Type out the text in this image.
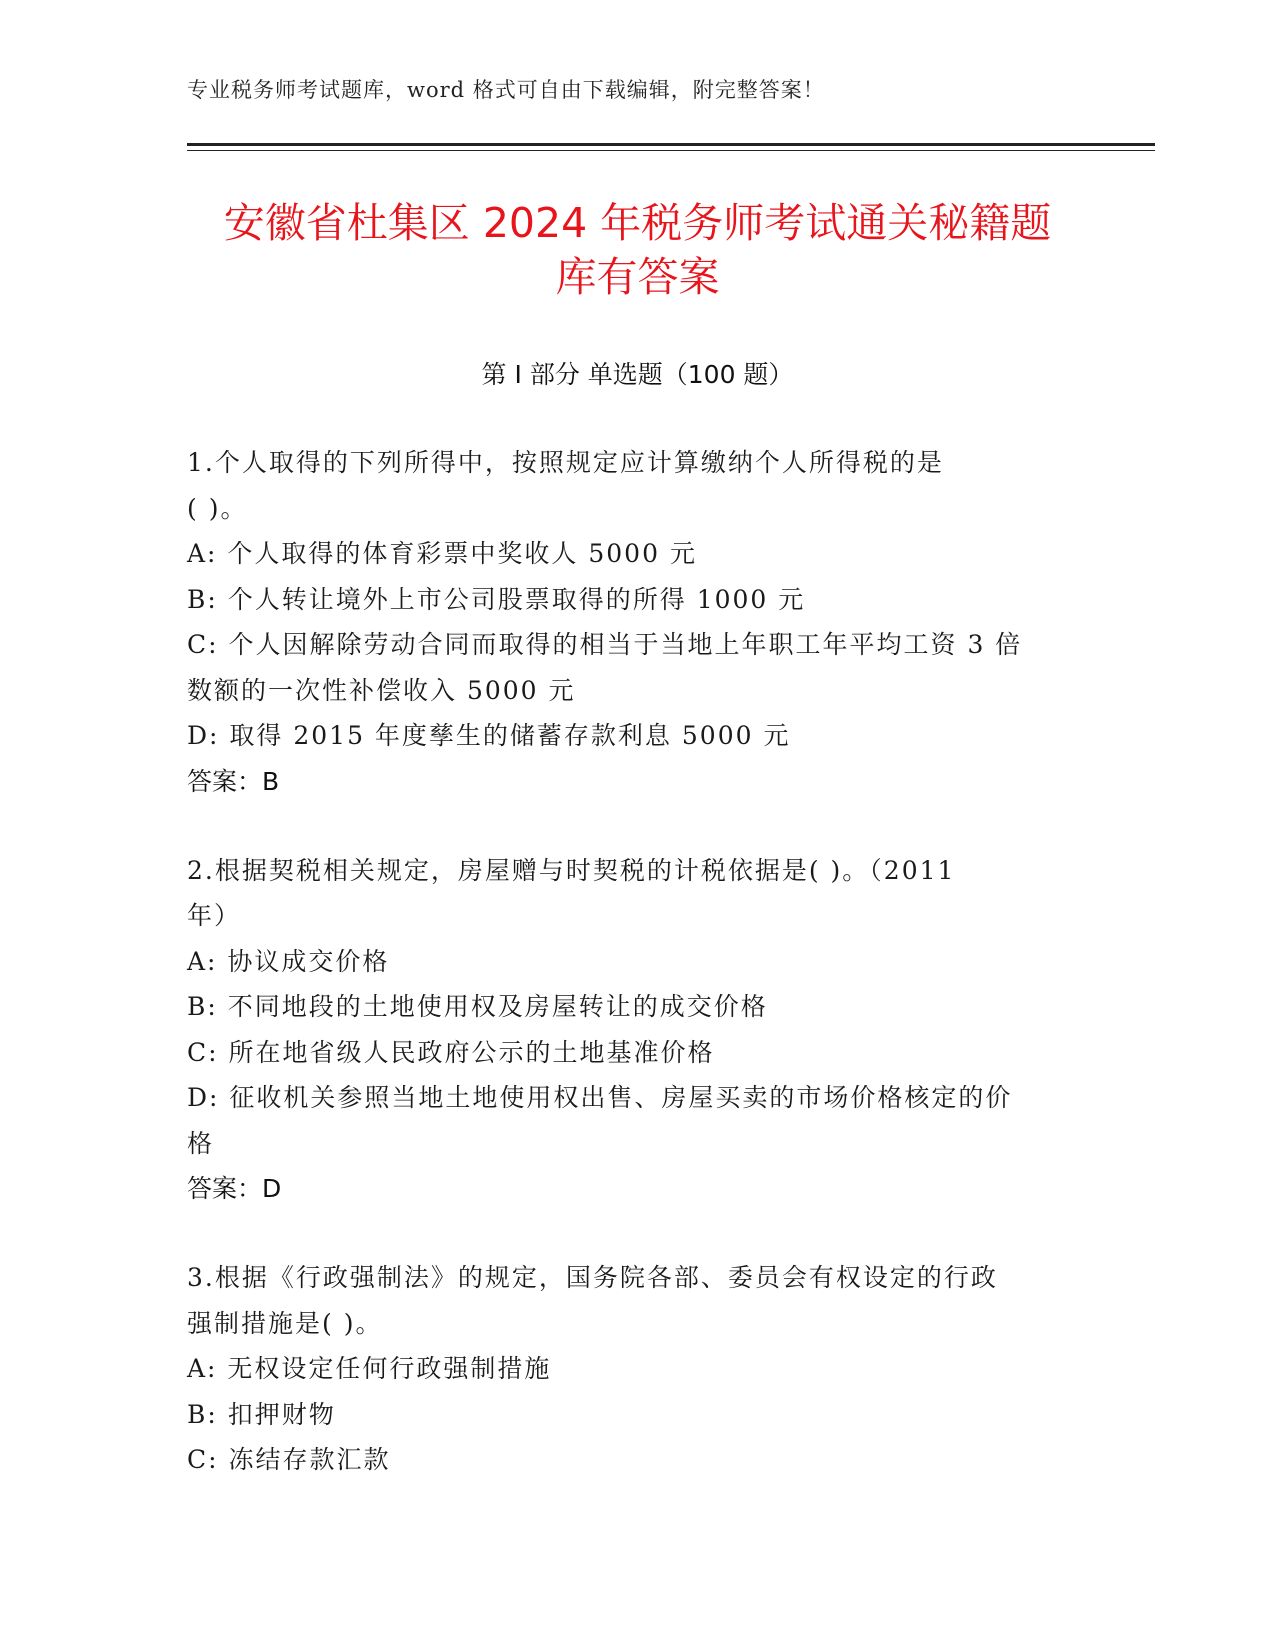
专业税务师考试题库，word 格式可自由下载编辑，附完整答案！
安徽省杜集区 2024 年税务师考试通关秘籍题
库有答案
第 I 部分 单选题（100 题）
1.个人取得的下列所得中，按照规定应计算缴纳个人所得税的是
( )。
A: 个人取得的体育彩票中奖收人 5000 元
B: 个人转让境外上市公司股票取得的所得 1000 元
C: 个人因解除劳动合同而取得的相当于当地上年职工年平均工资 3 倍
数额的一次性补偿收入 5000 元
D: 取得 2015 年度孳生的储蓄存款利息 5000 元
答案：B
2.根据契税相关规定，房屋赠与时契税的计税依据是( )。（2011
年）
A: 协议成交价格
B: 不同地段的土地使用权及房屋转让的成交价格
C: 所在地省级人民政府公示的土地基准价格
D: 征收机关参照当地土地使用权出售、房屋买卖的市场价格核定的价
格
答案：D
3.根据《行政强制法》的规定，国务院各部、委员会有权设定的行政
强制措施是( )。
A: 无权设定任何行政强制措施
B: 扣押财物
C: 冻结存款汇款
